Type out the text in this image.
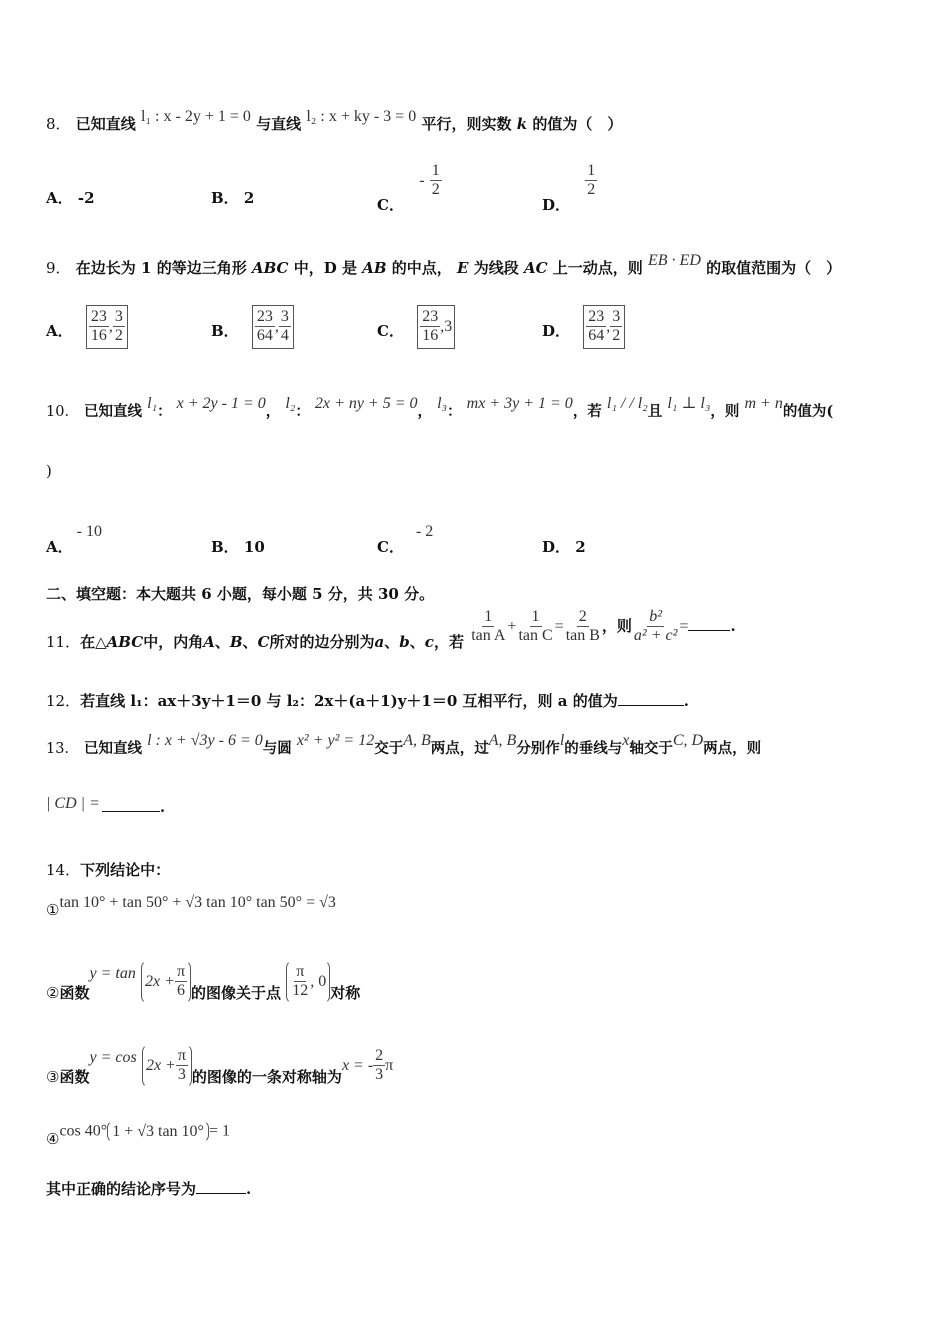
8． 已知直线 l₁ : x - 2y + 1 = 0 与直线 l₂ : x + ky - 3 = 0 平行，则实数 k 的值为（　）
A． -2	B． 2	C． - $\frac{1}{2}$
D．
$\frac{1}{2}$
9． 在边长为 1 的等边三角形 ABC 中，D 是 AB 的中点， E 为线段 AC 上一动点，则 EB · ED 的取值范围为（　）
A． $\frac{23}{16}$ , $\frac{3}{2}$	B． $\frac{23}{64}$ , $\frac{3}{4}$	C． $\frac{23}{16} ,3$	D． $\frac{23}{64}$ , $\frac{3}{2}$
10． 已知直线 l₁： x + 2y - 1 = 0， l₂： 2x + ny + 5 = 0， l₃： mx + 3y + 1 = 0，若 l₁ / / l₂且 l₁ ⊥ l₃，则 m + n的值为(
)
A．- 10
B． 10	C．- 2
D． 2
二、填空题：本大题共 6 小题，每小题 5 分，共 30 分。
11．在△ABC中，内角A、B、C所对的边分别为a、b、c，若 $\frac{1}{\text{tan A}} + \frac{1}{\text{tan C}} = \frac{2}{\text{tan B}}$ ，则 $\frac{\text{b²}}{\text{a² + c²}}$ =	.
12．若直线 l₁：ax＋3y＋1＝0 与 l₂：2x＋(a＋1)y＋1＝0 互相平行，则 a 的值为	.
13． 已知直线 l : x + √3y - 6 = 0与圆 x² + y² = 12交于A, B两点，过A, B分别作l的垂线与x轴交于C, D两点，则
| CD | =	.
14．下列结论中：
①tan 10° + tan 50° + √3 tan 10° tan 50° = √3
②函数$y = \tan 2x + \frac{\pi}{6}$ 的图像关于点 $\frac{\pi}{12}$ , 0对称
③函数$y = \cos 2x + \frac{\pi}{3}$ 的图像的一条对称轴为x = - $\frac{2}{3}$ π
④cos 40° 1 + √3 tan 10° = 1
其中正确的结论序号为	.
